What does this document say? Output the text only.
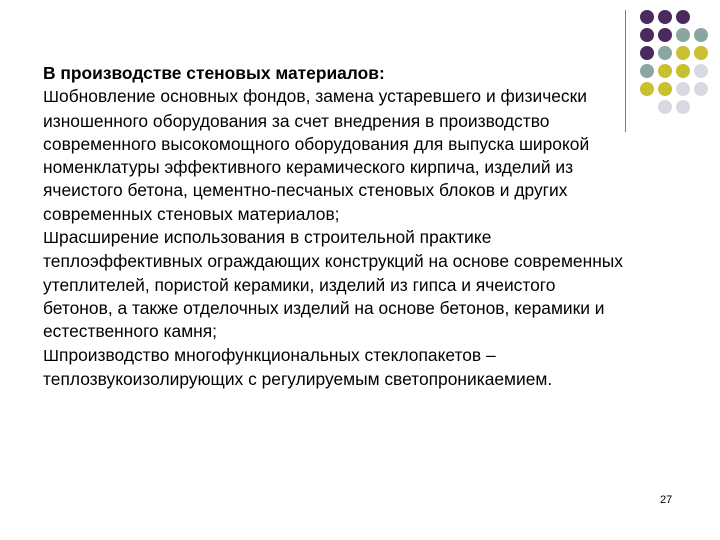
В производстве стеновых материалов:

Шобновление основных фондов, замена устаревшего и физически изношенного оборудования за счет внедрения в производство современного высокомощного оборудования для выпуска широкой номенклатуры эффективного керамического кирпича, изделий из ячеистого бетона, цементно-песчаных стеновых блоков и других современных стеновых материалов;

Шрасширение использования в строительной практике теплоэффективных ограждающих конструкций на основе современных утеплителей, пористой керамики, изделий из гипса и ячеистого бетонов, а также отделочных изделий на основе бетонов, керамики и естественного камня;

Шпроизводство многофункциональных стеклопакетов – теплозвукоизолирующих с регулируемым светопроникаемием.

27
